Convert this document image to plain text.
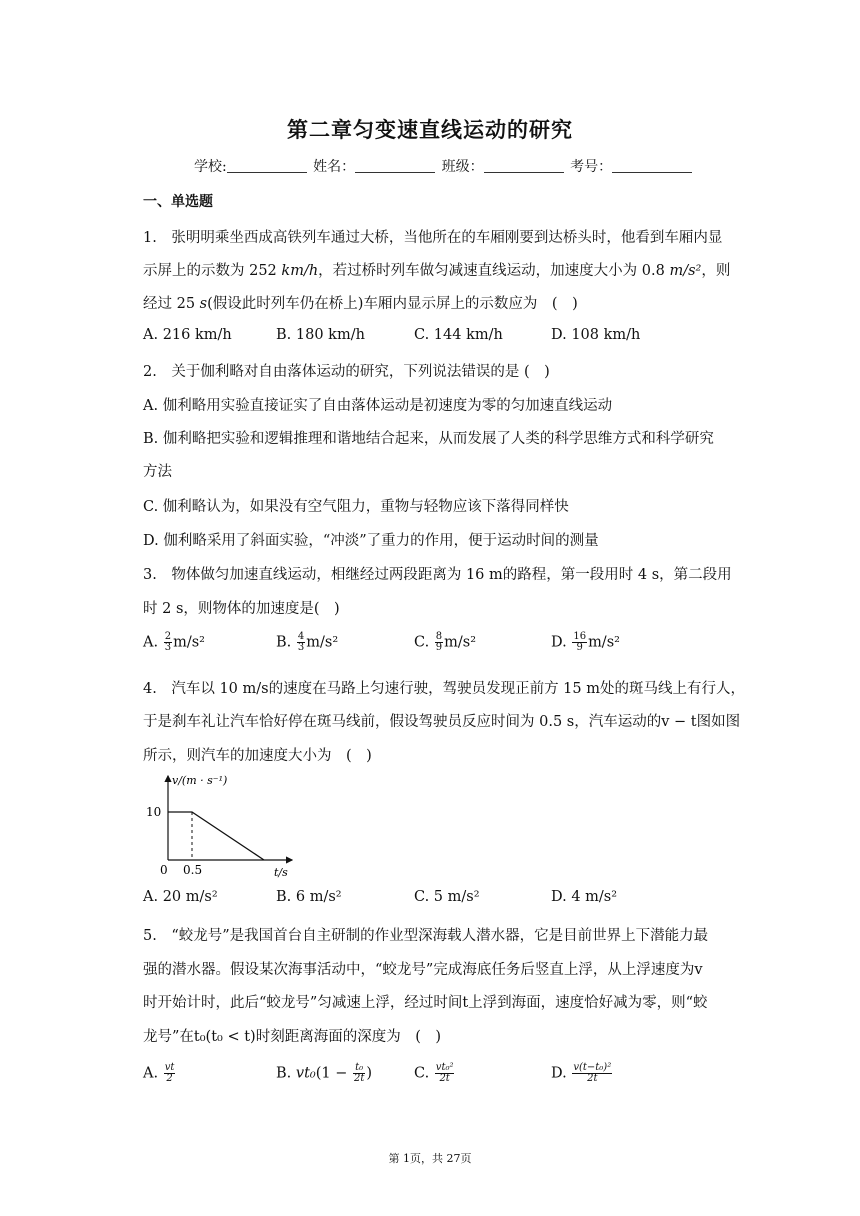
第二章匀变速直线运动的研究
学校:	姓名：	班级：	考号：
一、单选题
1.　张明明乘坐西成高铁列车通过大桥，当他所在的车厢刚要到达桥头时，他看到车厢内显
示屏上的示数为 252 km/h，若过桥时列车做匀减速直线运动，加速度大小为 0.8 m/s²，则
经过 25 s(假设此时列车仍在桥上)车厢内显示屏上的示数应为　(　)
A. 216 km/h	B. 180 km/h	C. 144 km/h	D. 108 km/h
2.　关于伽利略对自由落体运动的研究，下列说法错误的是 (　)
A. 伽利略用实验直接证实了自由落体运动是初速度为零的匀加速直线运动
B. 伽利略把实验和逻辑推理和谐地结合起来，从而发展了人类的科学思维方式和科学研究
方法
C. 伽利略认为，如果没有空气阻力，重物与轻物应该下落得同样快
D. 伽利略采用了斜面实验，“冲淡”了重力的作用，便于运动时间的测量
3.　物体做匀加速直线运动，相继经过两段距离为 16 m的路程，第一段用时 4 s，第二段用
时 2 s，则物体的加速度是(　)
A. $\frac{2}{3} m/s^2$	B. $\frac{4}{3} m/s^2$	C. $\frac{8}{9} m/s^2$	D. $\frac{16}{9} m/s^2$
4.　汽车以 10 m/s的速度在马路上匀速行驶，驾驶员发现正前方 15 m处的斑马线上有行人，
于是刹车礼让汽车恰好停在斑马线前，假设驾驶员反应时间为 0.5 s，汽车运动的v − t图如图
所示，则汽车的加速度大小为　(　)
v/(m · s⁻¹)
10
0 0.5	t/s
A. 20 m/s²	B. 6 m/s²	C. 5 m/s²	D. 4 m/s²
5.　“蛟龙号”是我国首台自主研制的作业型深海载人潜水器，它是目前世界上下潜能力最
强的潜水器。假设某次海事活动中，“蛟龙号”完成海底任务后竖直上浮，从上浮速度为v
时开始计时，此后“蛟龙号”匀减速上浮，经过时间t上浮到海面，速度恰好减为零，则“蛟
龙号”在t₀(t₀ < t)时刻距离海面的深度为　(　)
A. $\frac{vt}{2}$	B. $vt_0(1 - \frac{\text{t₀}}{2t}$ )	C. $\frac{\text{vt₀²}}{2t}$	D. $\frac{\text{v(t−t₀)²}}{2t}$
第 1页，共 27页
